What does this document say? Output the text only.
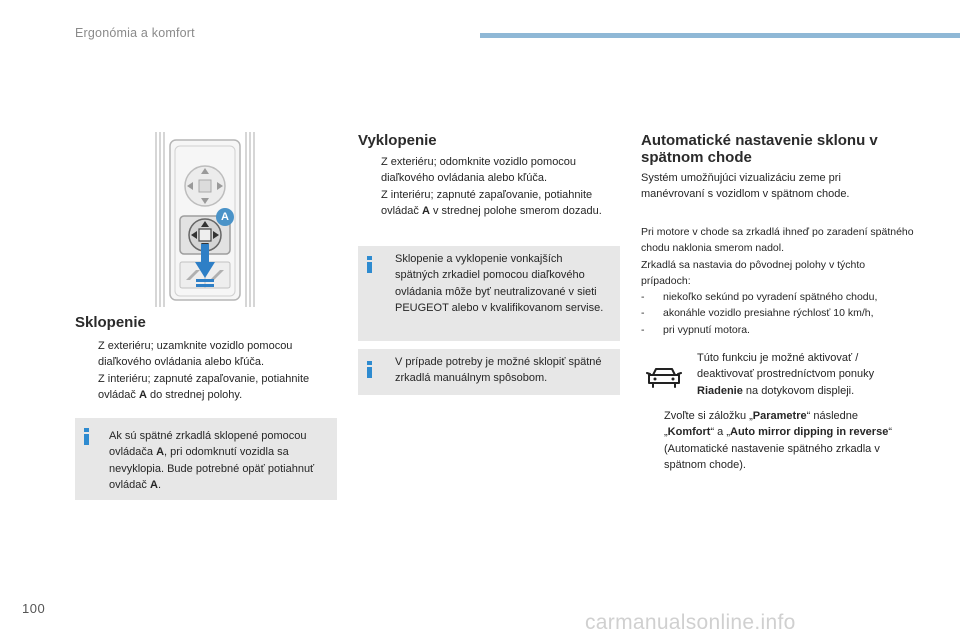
Ergonómia a komfort
A
Sklopenie

Z exteriéru; uzamknite vozidlo pomocou diaľkového ovládania alebo kľúča.

Z interiéru; zapnuté zapaľovanie, potiahnite ovládač A do strednej polohy.

Ak sú spätné zrkadlá sklopené pomocou ovládača A, pri odomknutí vozidla sa nevyklopia. Bude potrebné opäť potiahnuť ovládač A.
Vyklopenie

Z exteriéru; odomknite vozidlo pomocou diaľkového ovládania alebo kľúča.

Z interiéru; zapnuté zapaľovanie, potiahnite ovládač A v strednej polohe smerom dozadu.

Sklopenie a vyklopenie vonkajších spätných zrkadiel pomocou diaľkového ovládania môže byť neutralizované v sieti PEUGEOT alebo v kvalifikovanom servise.
V prípade potreby je možné sklopiť spätné zrkadlá manuálnym spôsobom.
Automatické nastavenie sklonu v spätnom chode
Systém umožňujúci vizualizáciu zeme pri manévrovaní s vozidlom v spätnom chode.
Pri motore v chode sa zrkadlá ihneď po zaradení spätného chodu naklonia smerom nadol.
Zrkadlá sa nastavia do pôvodnej polohy v týchto prípadoch:

- niekoľko sekúnd po vyradení spätného chodu,

- akonáhle vozidlo presiahne rýchlosť 10 km/h,

- pri vypnutí motora.

Túto funkciu je možné aktivovať / deaktivovať prostredníctvom ponuky Riadenie na dotykovom displeji.

Zvoľte si záložku „Parametre“ následne „Komfort“ a „Auto mirror dipping in reverse“ (Automatické nastavenie spätného zrkadla v spätnom chode).

100
carmanualsonline.info
